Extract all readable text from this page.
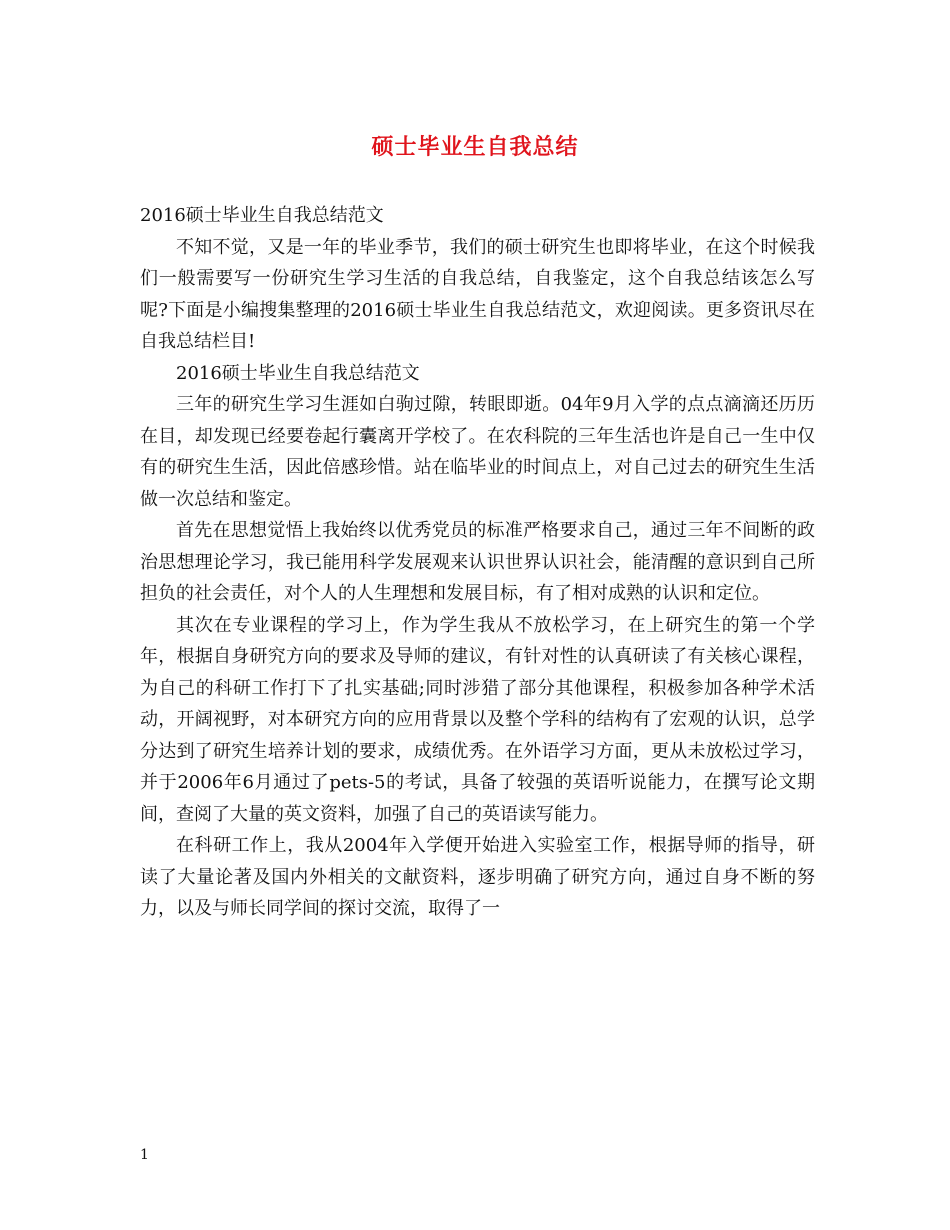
硕士毕业生自我总结

2016硕士毕业生自我总结范文

不知不觉，又是一年的毕业季节，我们的硕士研究生也即将毕业，在这个时候我们一般需要写一份研究生学习生活的自我总结，自我鉴定，这个自我总结该怎么写呢?下面是小编搜集整理的2016硕士毕业生自我总结范文，欢迎阅读。更多资讯尽在自我总结栏目!

2016硕士毕业生自我总结范文

三年的研究生学习生涯如白驹过隙，转眼即逝。04年9月入学的点点滴滴还历历在目，却发现已经要卷起行囊离开学校了。在农科院的三年生活也许是自己一生中仅有的研究生生活，因此倍感珍惜。站在临毕业的时间点上，对自己过去的研究生生活做一次总结和鉴定。

首先在思想觉悟上我始终以优秀党员的标准严格要求自己，通过三年不间断的政治思想理论学习，我已能用科学发展观来认识世界认识社会，能清醒的意识到自己所担负的社会责任，对个人的人生理想和发展目标，有了相对成熟的认识和定位。

其次在专业课程的学习上，作为学生我从不放松学习，在上研究生的第一个学年，根据自身研究方向的要求及导师的建议，有针对性的认真研读了有关核心课程，为自己的科研工作打下了扎实基础;同时涉猎了部分其他课程，积极参加各种学术活动，开阔视野，对本研究方向的应用背景以及整个学科的结构有了宏观的认识，总学分达到了研究生培养计划的要求，成绩优秀。在外语学习方面，更从未放松过学习，并于2006年6月通过了pets-5的考试，具备了较强的英语听说能力，在撰写论文期间，查阅了大量的英文资料，加强了自己的英语读写能力。

在科研工作上，我从2004年入学便开始进入实验室工作，根据导师的指导，研读了大量论著及国内外相关的文献资料，逐步明确了研究方向，通过自身不断的努力，以及与师长同学间的探讨交流，取得了一

1
